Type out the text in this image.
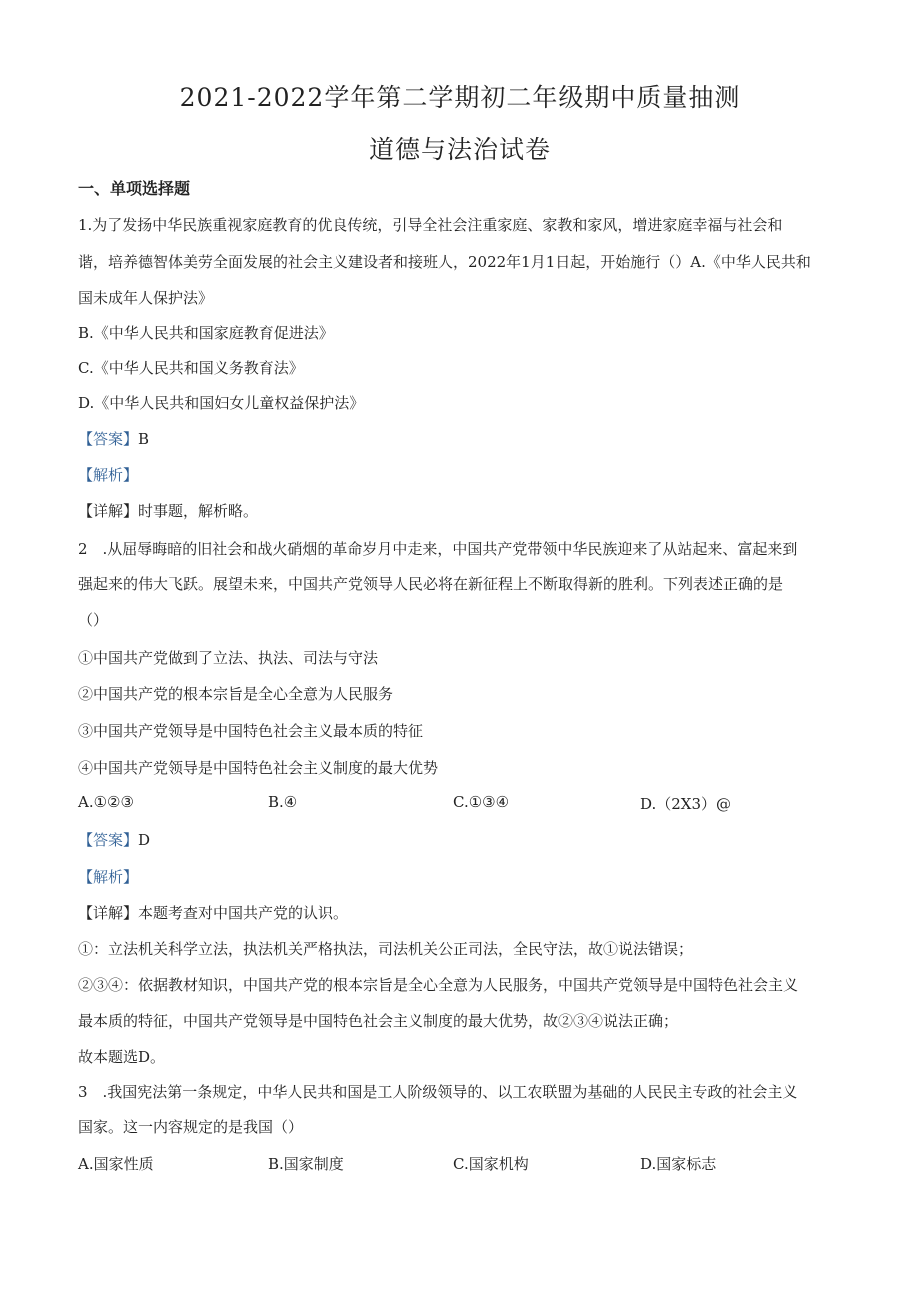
2021-2022学年第二学期初二年级期中质量抽测
道德与法治试卷
一、单项选择题
1.为了发扬中华民族重视家庭教育的优良传统，引导全社会注重家庭、家教和家风，增进家庭幸福与社会和
谐，培养德智体美劳全面发展的社会主义建设者和接班人，2022年1月1日起，开始施行（）A.《中华人民共和
国未成年人保护法》
B.《中华人民共和国家庭教育促进法》
C.《中华人民共和国义务教育法》
D.《中华人民共和国妇女儿童权益保护法》
【答案】B
【解析】
【详解】时事题，解析略。
2　.从屈辱晦暗的旧社会和战火硝烟的革命岁月中走来，中国共产党带领中华民族迎来了从站起来、富起来到
强起来的伟大飞跃。展望未来，中国共产党领导人民必将在新征程上不断取得新的胜利。下列表述正确的是
（）
①中国共产党做到了立法、执法、司法与守法
②中国共产党的根本宗旨是全心全意为人民服务
③中国共产党领导是中国特色社会主义最本质的特征
④中国共产党领导是中国特色社会主义制度的最大优势
A.①②③	B.④	C.①③④	D.（2X3）@
【答案】D
【解析】
【详解】本题考查对中国共产党的认识。
①：立法机关科学立法，执法机关严格执法，司法机关公正司法，全民守法，故①说法错误；
②③④：依据教材知识，中国共产党的根本宗旨是全心全意为人民服务，中国共产党领导是中国特色社会主义
最本质的特征，中国共产党领导是中国特色社会主义制度的最大优势，故②③④说法正确；
故本题选D。
3　.我国宪法第一条规定，中华人民共和国是工人阶级领导的、以工农联盟为基础的人民民主专政的社会主义
国家。这一内容规定的是我国（）
A.国家性质	B.国家制度	C.国家机构	D.国家标志
